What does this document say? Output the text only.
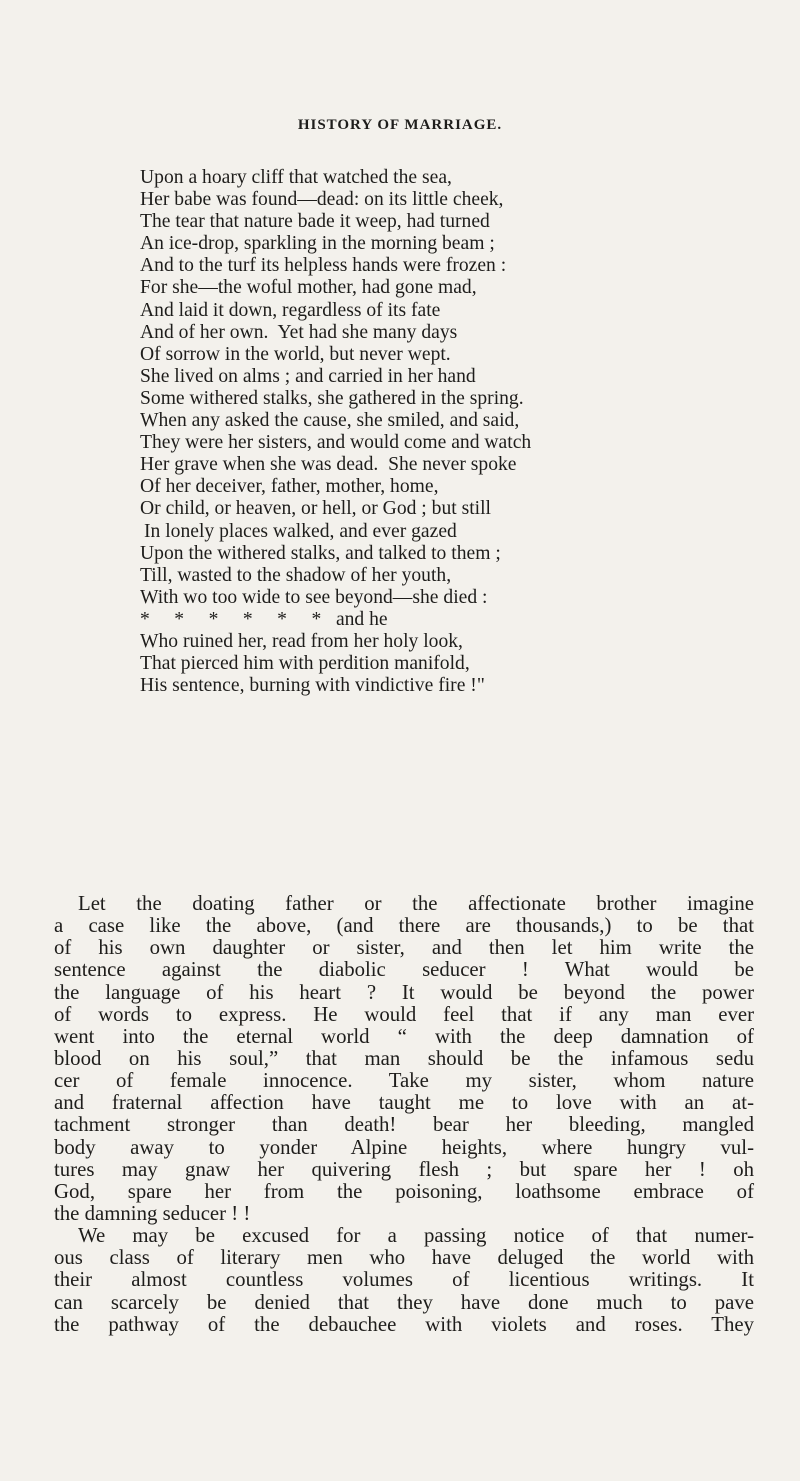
HISTORY OF MARRIAGE.
Upon a hoary cliff that watched the sea,
Her babe was found—dead: on its little cheek,
The tear that nature bade it weep, had turned
An ice-drop, sparkling in the morning beam ;
And to the turf its helpless hands were frozen :
For she—the woful mother, had gone mad,
And laid it down, regardless of its fate
And of her own.  Yet had she many days
Of sorrow in the world, but never wept.
She lived on alms ; and carried in her hand
Some withered stalks, she gathered in the spring.
When any asked the cause, she smiled, and said,
They were her sisters, and would come and watch
Her grave when she was dead.  She never spoke
Of her deceiver, father, mother, home,
Or child, or heaven, or hell, or God ; but still
In lonely places walked, and ever gazed
Upon the withered stalks, and talked to them ;
Till, wasted to the shadow of her youth,
With wo too wide to see beyond—she died :
*     *     *     *     *     *   and he
Who ruined her, read from her holy look,
That pierced him with perdition manifold,
His sentence, burning with vindictive fire !"
Let the doating father or the affectionate brother imagine
a case like the above, (and there are thousands,) to be that
of his own daughter or sister, and then let him write the
sentence against the diabolic seducer ! What would be
the language of his heart ? It would be beyond the power
of words to express. He would feel that if any man ever
went into the eternal world “ with the deep damnation of
blood on his soul,” that man should be the infamous sedu
cer of female innocence. Take my sister, whom nature
and fraternal affection have taught me to love with an at-
tachment stronger than death! bear her bleeding, mangled
body away to yonder Alpine heights, where hungry vul-
tures may gnaw her quivering flesh ; but spare her ! oh
God, spare her from the poisoning, loathsome embrace of
the damning seducer ! !
We may be excused for a passing notice of that numer-
ous class of literary men who have deluged the world with
their almost countless volumes of licentious writings. It
can scarcely be denied that they have done much to pave
the pathway of the debauchee with violets and roses. They
